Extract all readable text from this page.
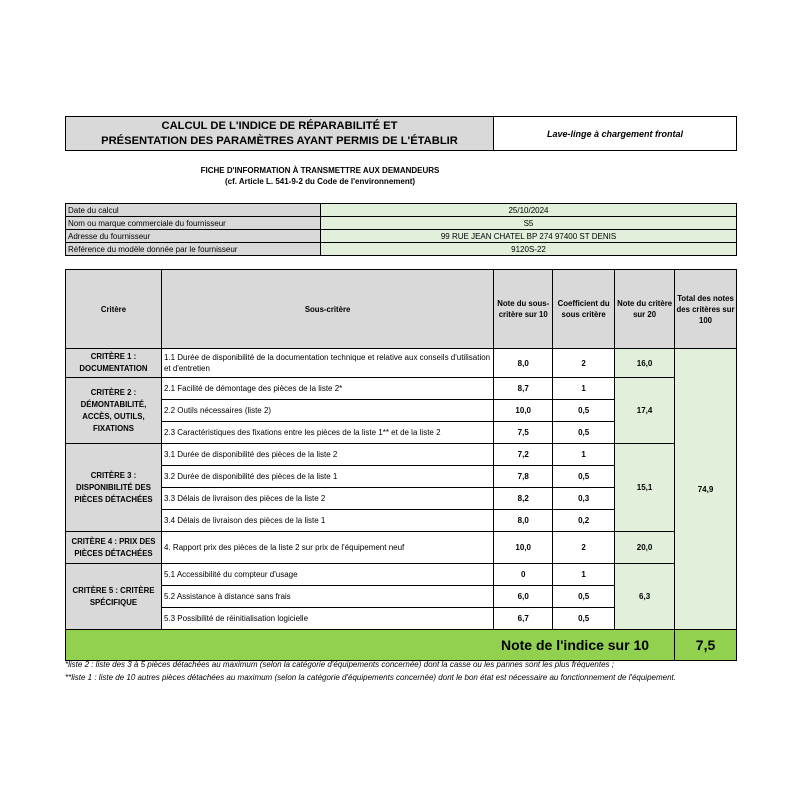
CALCUL DE L'INDICE DE RÉPARABILITÉ ET
PRÉSENTATION DES PARAMÈTRES AYANT PERMIS DE L'ÉTABLIR
Lave-linge à chargement frontal
FICHE D'INFORMATION À TRANSMETTRE AUX DEMANDEURS
(cf. Article L. 541-9-2 du Code de l'environnement)
Date du calcul	25/10/2024
Nom ou marque commerciale du fournisseur	S5
Adresse du fournisseur	99 RUE JEAN CHATEL BP 274 97400 ST DENIS
Référence du modèle donnée par le fournisseur	9120S-22
Critère	Sous-critère	Note du sous-critère sur 10	Coefficient du sous critère	Note du critère sur 20	Total des notes des critères sur 100
CRITÈRE 1 : DOCUMENTATION	1.1 Durée de disponibilité de la documentation technique et relative aux conseils d'utilisation et d'entretien	8,0	2	16,0	74,9
CRITÈRE 2 : DÉMONTABILITÉ, ACCÈS, OUTILS, FIXATIONS	2.1 Facilité de démontage des pièces de la liste 2*	8,7	1	17,4	
	2.2 Outils nécessaires (liste 2)	10,0	0,5		
	2.3 Caractéristiques des fixations entre les pièces de la liste 1** et de la liste 2	7,5	0,5		
CRITÈRE 3 : DISPONIBILITÉ DES PIÈCES DÉTACHÉES	3.1 Durée de disponibilité des pièces de la liste 2	7,2	1	15,1	
	3.2 Durée de disponibilité des pièces de la liste 1	7,8	0,5		
	3.3 Délais de livraison des pièces de la liste 2	8,2	0,3		
	3.4 Délais de livraison des pièces de la liste 1	8,0	0,2		
CRITÈRE 4 : PRIX DES PIÈCES DÉTACHÉES	4. Rapport prix des pièces de la liste 2 sur prix de l'équipement neuf	10,0	2	20,0	
CRITÈRE 5 : CRITÈRE SPÉCIFIQUE	5.1 Accessibilité du compteur d'usage	0	1	6,3	
	5.2 Assistance à distance sans frais	6,0	0,5		
	5.3 Possibilité de réinitialisation logicielle	6,7	0,5		
Note de l'indice sur 10					7,5
*liste 2 : liste des 3 à 5 pièces détachées au maximum (selon la catégorie d'équipements concernée) dont la casse ou les pannes sont les plus fréquentes ;
**liste 1 : liste de 10 autres pièces détachées au maximum (selon la catégorie d'équipements concernée) dont le bon état est nécessaire au fonctionnement de l'équipement.
